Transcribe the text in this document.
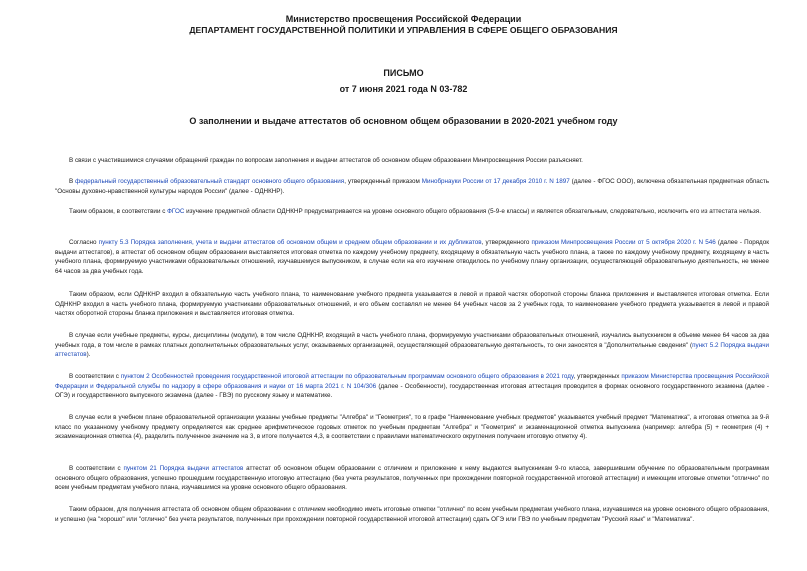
Министерство просвещения Российской Федерации
ДЕПАРТАМЕНТ ГОСУДАРСТВЕННОЙ ПОЛИТИКИ И УПРАВЛЕНИЯ В СФЕРЕ ОБЩЕГО ОБРАЗОВАНИЯ
ПИСЬМО
от 7 июня 2021 года N 03-782
О заполнении и выдаче аттестатов об основном общем образовании в 2020-2021 учебном году

В связи с участившимися случаями обращений граждан по вопросам заполнения и выдачи аттестатов об основном общем образовании Минпросвещения России разъясняет.

В федеральный государственный образовательный стандарт основного общего образования, утвержденный приказом Минобрнауки России от 17 декабря 2010 г. N 1897 (далее - ФГОС ООО), включена обязательная предметная область "Основы духовно-нравственной культуры народов России" (далее - ОДНКНР).

Таким образом, в соответствии с ФГОС изучение предметной области ОДНКНР предусматривается на уровне основного общего образования (5-9-е классы) и является обязательным, следовательно, исключить его из аттестата нельзя.

Согласно пункту 5.3 Порядка заполнения, учета и выдачи аттестатов об основном общем и среднем общем образовании и их дубликатов, утвержденного приказом Минпросвещения России от 5 октября 2020 г. N 546 (далее - Порядок выдачи аттестатов), в аттестат об основном общем образовании выставляется итоговая отметка по каждому учебному предмету, входящему в обязательную часть учебного плана, а также по каждому учебному предмету, входящему в часть учебного плана, формируемую участниками образовательных отношений, изучавшемуся выпускником, в случае если на его изучение отводилось по учебному плану организации, осуществляющей образовательную деятельность, не менее 64 часов за два учебных года.

Таким образом, если ОДНКНР входил в обязательную часть учебного плана, то наименование учебного предмета указывается в левой и правой частях оборотной стороны бланка приложения и выставляется итоговая отметка. Если ОДНКНР входил в часть учебного плана, формируемую участниками образовательных отношений, и его объем составлял не менее 64 учебных часов за 2 учебных года, то наименование учебного предмета указывается в левой и правой частях оборотной стороны бланка приложения и выставляется итоговая отметка.

В случае если учебные предметы, курсы, дисциплины (модули), в том числе ОДНКНР, входящий в часть учебного плана, формируемую участниками образовательных отношений, изучались выпускником в объеме менее 64 часов за два учебных года, в том числе в рамках платных дополнительных образовательных услуг, оказываемых организацией, осуществляющей образовательную деятельность, то они заносятся в "Дополнительные сведения" (пункт 5.2 Порядка выдачи аттестатов).

В соответствии с пунктом 2 Особенностей проведения государственной итоговой аттестации по образовательным программам основного общего образования в 2021 году, утвержденных приказом Министерства просвещения Российской Федерации и Федеральной службы по надзору в сфере образования и науки от 16 марта 2021 г. N 104/306 (далее - Особенности), государственная итоговая аттестация проводится в формах основного государственного экзамена (далее - ОГЭ) и государственного выпускного экзамена (далее - ГВЭ) по русскому языку и математике.

В случае если в учебном плане образовательной организации указаны учебные предметы "Алгебра" и "Геометрия", то в графе "Наименование учебных предметов" указывается учебный предмет "Математика", а итоговая отметка за 9-й класс по указанному учебному предмету определяется как среднее арифметическое годовых отметок по учебным предметам "Алгебра" и "Геометрия" и экзаменационной отметка выпускника (например: алгебра (5) + геометрия (4) + экзаменационная отметка (4), разделить полученное значение на 3, в итоге получается 4,3, в соответствии с правилами математического округления получаем итоговую отметку 4).

В соответствии с пунктом 21 Порядка выдачи аттестатов аттестат об основном общем образовании с отличием и приложение к нему выдаются выпускникам 9-го класса, завершившим обучение по образовательным программам основного общего образования, успешно прошедшим государственную итоговую аттестацию (без учета результатов, полученных при прохождении повторной государственной итоговой аттестации) и имеющим итоговые отметки "отлично" по всем учебным предметам учебного плана, изучавшимся на уровне основного общего образования.

Таким образом, для получения аттестата об основном общем образовании с отличием необходимо иметь итоговые отметки "отлично" по всем учебным предметам учебного плана, изучавшимся на уровне основного общего образования, и успешно (на "хорошо" или "отлично" без учета результатов, полученных при прохождении повторной государственной итоговой аттестации) сдать ОГЭ или ГВЭ по учебным предметам "Русский язык" и "Математика".
